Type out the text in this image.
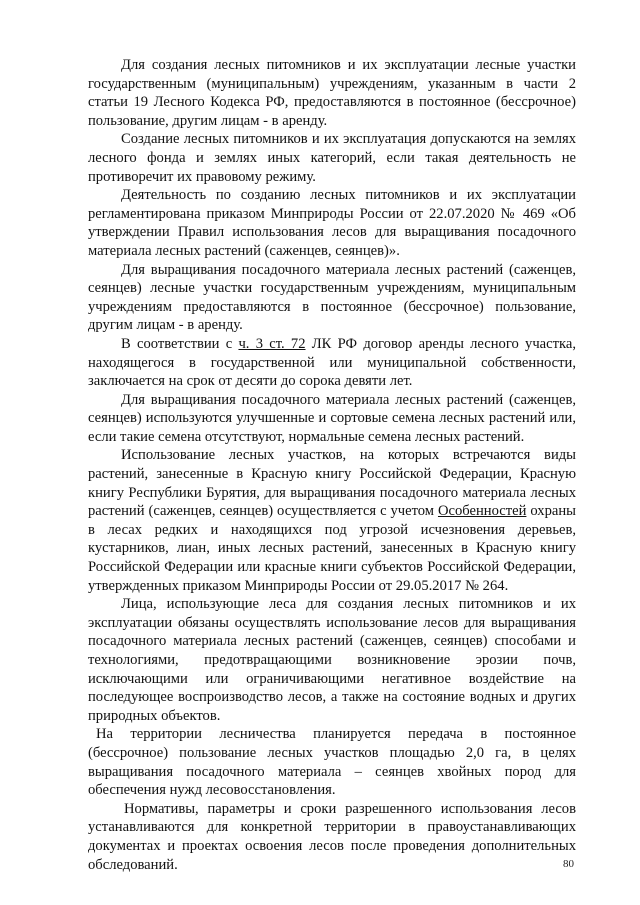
Для создания лесных питомников и их эксплуатации лесные участки государственным (муниципальным) учреждениям, указанным в части 2 статьи 19 Лесного Кодекса РФ, предоставляются в постоянное (бессрочное) пользование, другим лицам - в аренду.

Создание лесных питомников и их эксплуатация допускаются на землях лесного фонда и землях иных категорий, если такая деятельность не противоречит их правовому режиму.

Деятельность по созданию лесных питомников и их эксплуатации регламентирована приказом Минприроды России от 22.07.2020 № 469 «Об утверждении Правил использования лесов для выращивания посадочного материала лесных растений (саженцев, сеянцев)».

Для выращивания посадочного материала лесных растений (саженцев, сеянцев) лесные участки государственным учреждениям, муниципальным учреждениям предоставляются в постоянное (бессрочное) пользование, другим лицам - в аренду.

В соответствии с ч. 3 ст. 72 ЛК РФ договор аренды лесного участка, находящегося в государственной или муниципальной собственности, заключается на срок от десяти до сорока девяти лет.

Для выращивания посадочного материала лесных растений (саженцев, сеянцев) используются улучшенные и сортовые семена лесных растений или, если такие семена отсутствуют, нормальные семена лесных растений.

Использование лесных участков, на которых встречаются виды растений, занесенные в Красную книгу Российской Федерации, Красную книгу Республики Бурятия, для выращивания посадочного материала лесных растений (саженцев, сеянцев) осуществляется с учетом Особенностей охраны в лесах редких и находящихся под угрозой исчезновения деревьев, кустарников, лиан, иных лесных растений, занесенных в Красную книгу Российской Федерации или красные книги субъектов Российской Федерации, утвержденных приказом Минприроды России от 29.05.2017 № 264.

Лица, использующие леса для создания лесных питомников и их эксплуатации обязаны осуществлять использование лесов для выращивания посадочного материала лесных растений (саженцев, сеянцев) способами и технологиями, предотвращающими возникновение эрозии почв, исключающими или ограничивающими негативное воздействие на последующее воспроизводство лесов, а также на состояние водных и других природных объектов.

На территории лесничества планируется передача в постоянное (бессрочное) пользование лесных участков площадью 2,0 га, в целях выращивания посадочного материала – сеянцев хвойных пород для обеспечения нужд лесовосстановления.

Нормативы, параметры и сроки разрешенного использования лесов устанавливаются для конкретной территории в правоустанавливающих документах и проектах освоения лесов после проведения дополнительных обследований.	80
